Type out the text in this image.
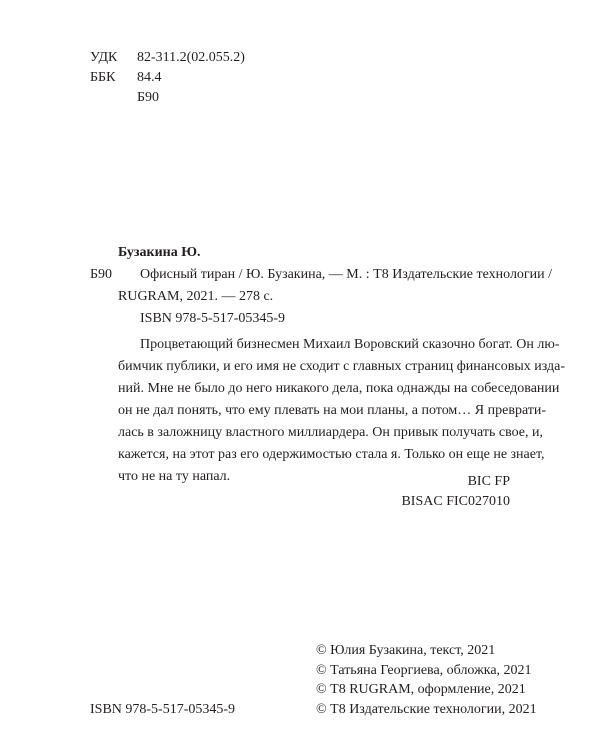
УДК 82-311.2(02.055.2)
ББК 84.4
Б90
Бузакина Ю.
Б90 Офисный тиран / Ю. Бузакина, — М. : Т8 Издательские технологии /
RUGRAM, 2021. — 278 с.
ISBN 978-5-517-05345-9
Процветающий бизнесмен Михаил Воровский сказочно богат. Он лю-
бимчик публики, и его имя не сходит с главных страниц финансовых изда-
ний. Мне не было до него никакого дела, пока однажды на собеседовании
он не дал понять, что ему плевать на мои планы, а потом… Я преврати-
лась в заложницу властного миллиардера. Он привык получать свое, и,
кажется, на этот раз его одержимостью стала я. Только он еще не знает,
что не на ту напал.	BIC FP
BISAC FIC027010
© Юлия Бузакина, текст, 2021
© Татьяна Георгиева, обложка, 2021
© Т8 RUGRAM, оформление, 2021
© Т8 Издательские технологии, 2021
ISBN 978-5-517-05345-9
